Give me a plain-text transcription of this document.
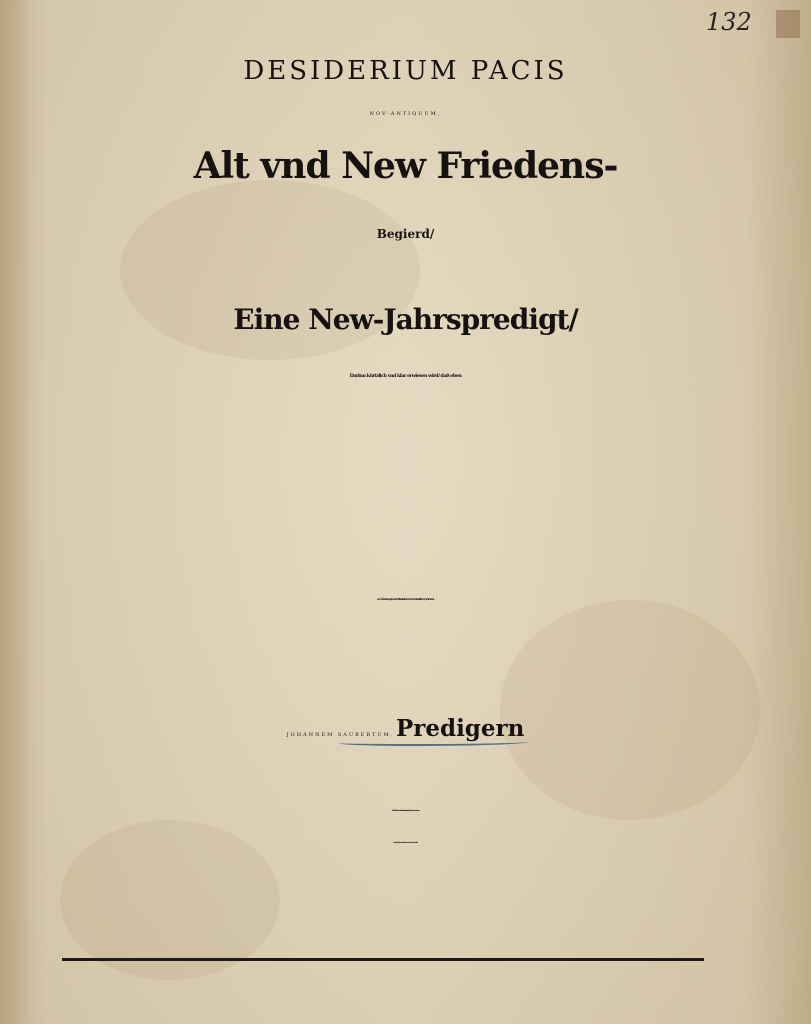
132
DESIDERIUM PACIS
NOV-ANTIQUUM,
Alt vnd New Friedens-
Begierd/
Eine New-Jahrspredigt/
Darinn kürtzlich vnd klar erwiesen wird/ daß eben
zu Nürnberg in der Pfarrkirch/ zu S. Sebald/ bey Volckrei-
JOHANNEM SAUBERTUM, Predigern
Die/ so Böses rahten/ betriegen; Aber die zum (waa-
ren) Frieden rahten/ machen Frewde.
